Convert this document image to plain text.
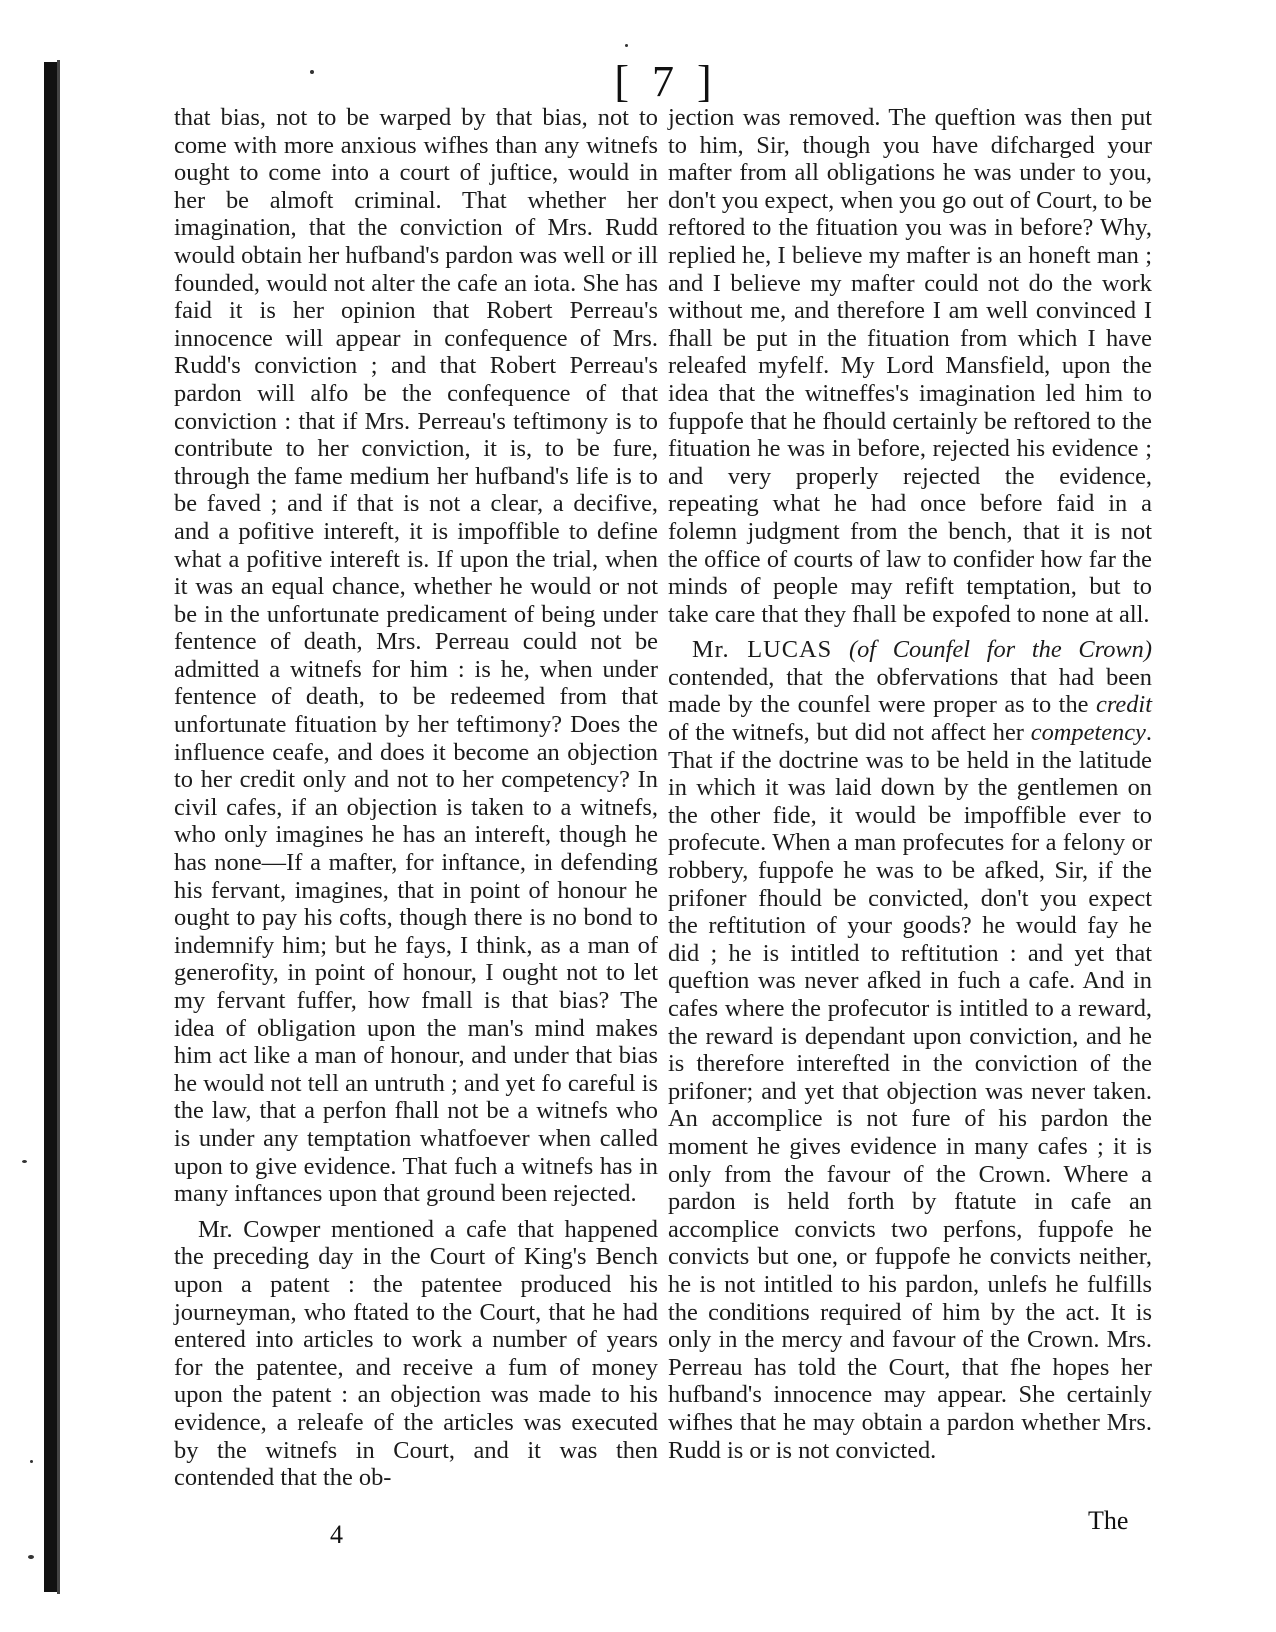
[ 7 ]

that bias, not to be warped by that bias, not to come with more anxious wifhes than any witnefs ought to come into a court of juftice, would in her be almoft criminal. That whether her imagination, that the conviction of Mrs. Rudd would obtain her hufband's pardon was well or ill founded, would not alter the cafe an iota. She has faid it is her opinion that Robert Perreau's innocence will appear in confequence of Mrs. Rudd's conviction ; and that Robert Perreau's pardon will alfo be the confequence of that conviction : that if Mrs. Perreau's teftimony is to contribute to her conviction, it is, to be fure, through the fame medium her hufband's life is to be faved ; and if that is not a clear, a decifive, and a pofitive intereft, it is impoffible to define what a pofitive intereft is. If upon the trial, when it was an equal chance, whether he would or not be in the unfortunate predicament of being under fentence of death, Mrs. Perreau could not be admitted a witnefs for him : is he, when under fentence of death, to be redeemed from that unfortunate fituation by her teftimony? Does the influence ceafe, and does it become an objection to her credit only and not to her competency? In civil cafes, if an objection is taken to a witnefs, who only imagines he has an intereft, though he has none—If a mafter, for inftance, in defending his fervant, imagines, that in point of honour he ought to pay his cofts, though there is no bond to indemnify him; but he fays, I think, as a man of generofity, in point of honour, I ought not to let my fervant fuffer, how fmall is that bias? The idea of obligation upon the man's mind makes him act like a man of honour, and under that bias he would not tell an untruth ; and yet fo careful is the law, that a perfon fhall not be a witnefs who is under any temptation whatfoever when called upon to give evidence. That fuch a witnefs has in many inftances upon that ground been rejected.

Mr. Cowper mentioned a cafe that happened the preceding day in the Court of King's Bench upon a patent : the patentee produced his journeyman, who ftated to the Court, that he had entered into articles to work a number of years for the patentee, and receive a fum of money upon the patent : an objection was made to his evidence, a releafe of the articles was executed by the witnefs in Court, and it was then contended that the ob-

jection was removed. The queftion was then put to him, Sir, though you have difcharged your mafter from all obligations he was under to you, don't you expect, when you go out of Court, to be reftored to the fituation you was in before? Why, replied he, I believe my mafter is an honeft man ; and I believe my mafter could not do the work without me, and therefore I am well convinced I fhall be put in the fituation from which I have releafed myfelf. My Lord Mansfield, upon the idea that the witneffes's imagination led him to fuppofe that he fhould certainly be reftored to the fituation he was in before, rejected his evidence ; and very properly rejected the evidence, repeating what he had once before faid in a folemn judgment from the bench, that it is not the office of courts of law to confider how far the minds of people may refift temptation, but to take care that they fhall be expofed to none at all.

Mr. LUCAS (of Counfel for the Crown) contended, that the obfervations that had been made by the counfel were proper as to the credit of the witnefs, but did not affect her competency. That if the doctrine was to be held in the latitude in which it was laid down by the gentlemen on the other fide, it would be impoffible ever to profecute. When a man profecutes for a felony or robbery, fuppofe he was to be afked, Sir, if the prifoner fhould be convicted, don't you expect the reftitution of your goods? he would fay he did ; he is intitled to reftitution : and yet that queftion was never afked in fuch a cafe. And in cafes where the profecutor is intitled to a reward, the reward is dependant upon conviction, and he is therefore interefted in the conviction of the prifoner; and yet that objection was never taken. An accomplice is not fure of his pardon the moment he gives evidence in many cafes ; it is only from the favour of the Crown. Where a pardon is held forth by ftatute in cafe an accomplice convicts two perfons, fuppofe he convicts but one, or fuppofe he convicts neither, he is not intitled to his pardon, unlefs he fulfills the conditions required of him by the act. It is only in the mercy and favour of the Crown. Mrs. Perreau has told the Court, that fhe hopes her hufband's innocence may appear. She certainly wifhes that he may obtain a pardon whether Mrs. Rudd is or is not convicted.

4	The
